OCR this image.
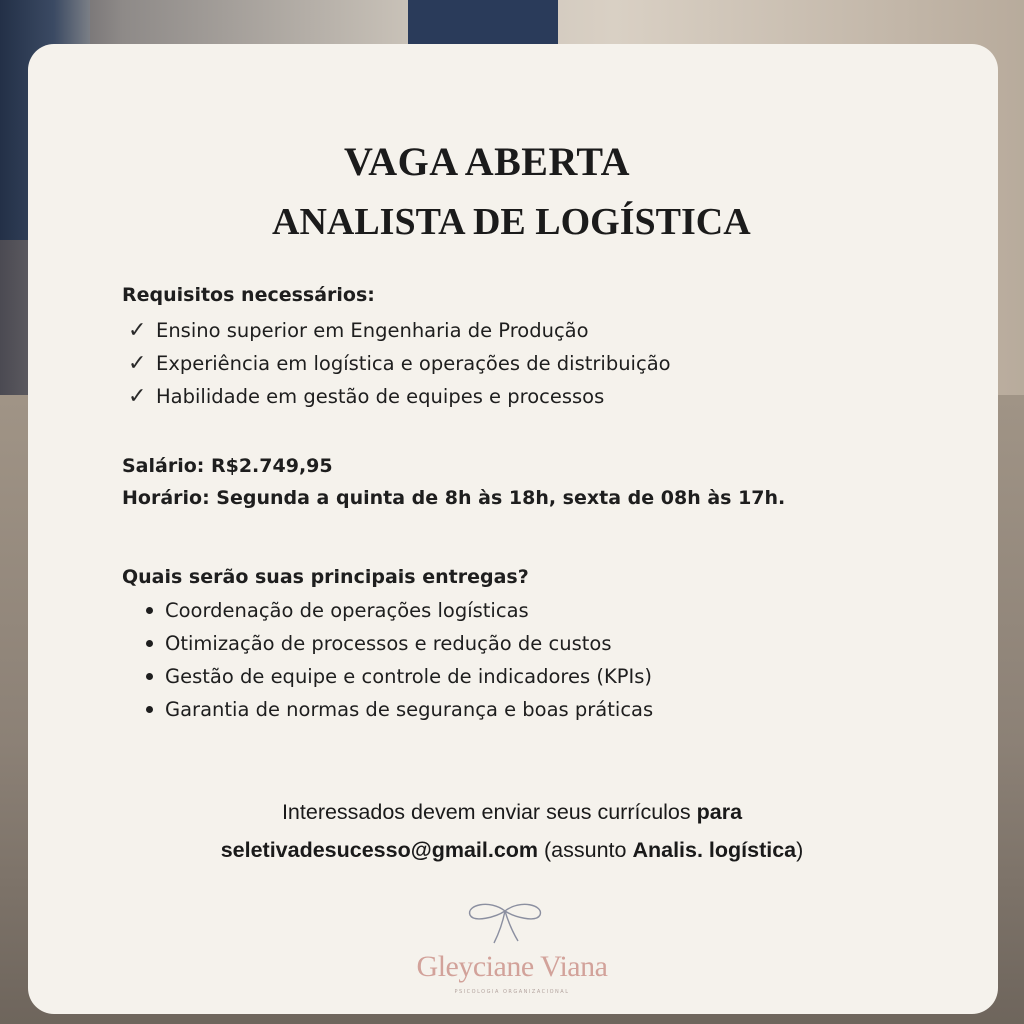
VAGA ABERTA
ANALISTA DE LOGÍSTICA
Requisitos necessários:
✓ Ensino superior em Engenharia de Produção
✓ Experiência em logística e operações de distribuição
✓ Habilidade em gestão de equipes e processos
Salário: R$2.749,95
Horário: Segunda a quinta de 8h às 18h, sexta de 08h às 17h.
Quais serão suas principais entregas?
Coordenação de operações logísticas
Otimização de processos e redução de custos
Gestão de equipe e controle de indicadores (KPIs)
Garantia de normas de segurança e boas práticas
Interessados devem enviar seus currículos para
seletivadesucesso@gmail.com (assunto Analis. logística)
Gleyciane Viana
PSICOLOGIA ORGANIZACIONAL
